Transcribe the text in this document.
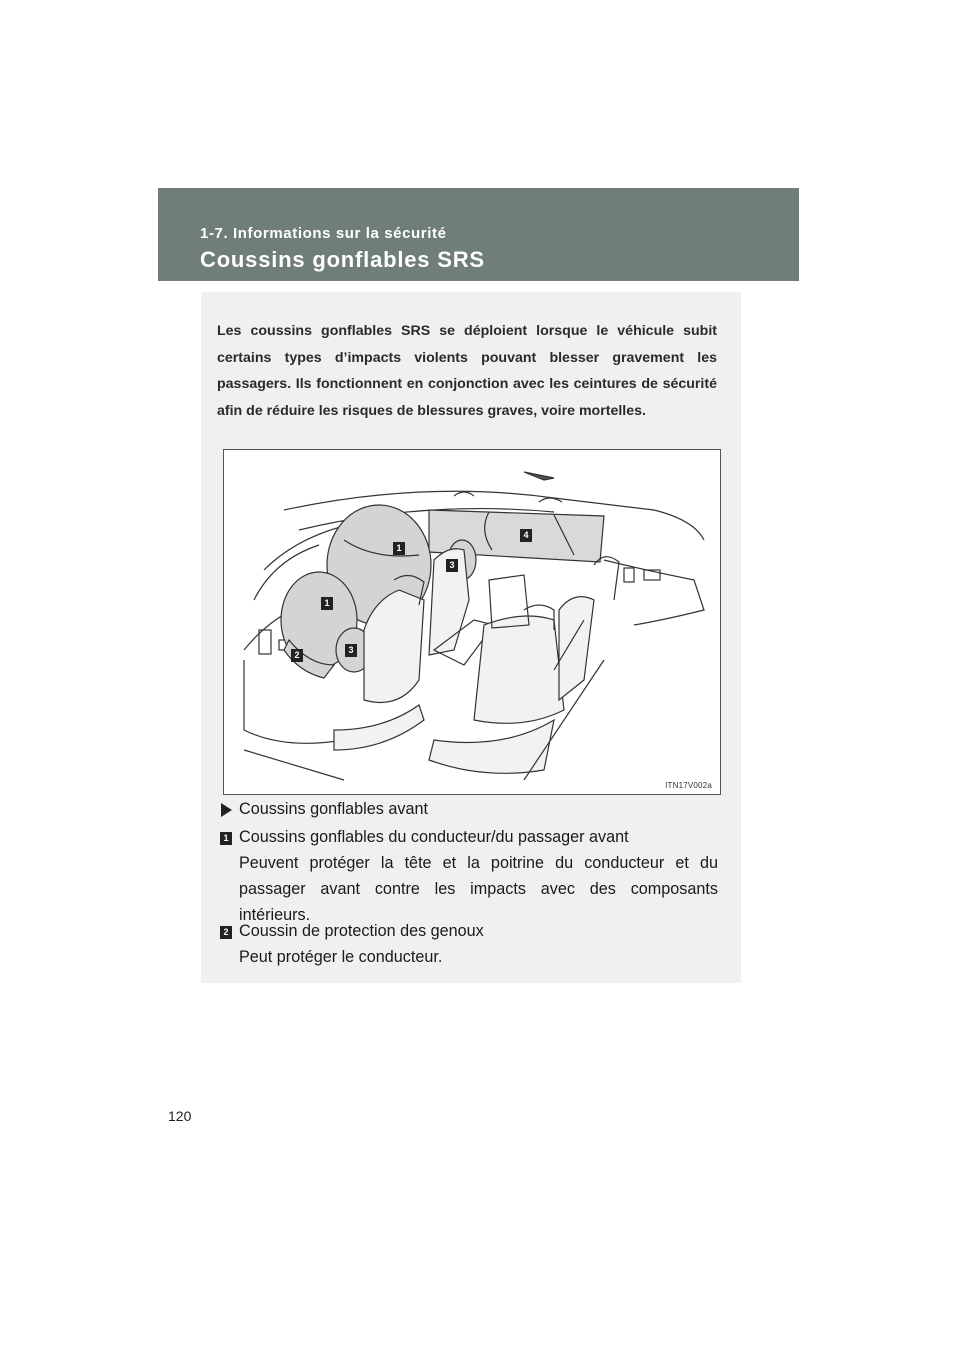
1-7. Informations sur la sécurité
Coussins gonflables SRS
Les coussins gonflables SRS se déploient lorsque le véhicule subit certains types d’impacts violents pouvant blesser gravement les passagers. Ils fonctionnent en conjonction avec les ceintures de sécurité afin de réduire les risques de blessures graves, voire mortelles.
1
1
2	3
3
4
ITN17V002a
Coussins gonflables avant
1 Coussins gonflables du conducteur/du passager avant
Peuvent protéger la tête et la poitrine du conducteur et du passager avant contre les impacts avec des composants intérieurs.
2 Coussin de protection des genoux
Peut protéger le conducteur.
120
